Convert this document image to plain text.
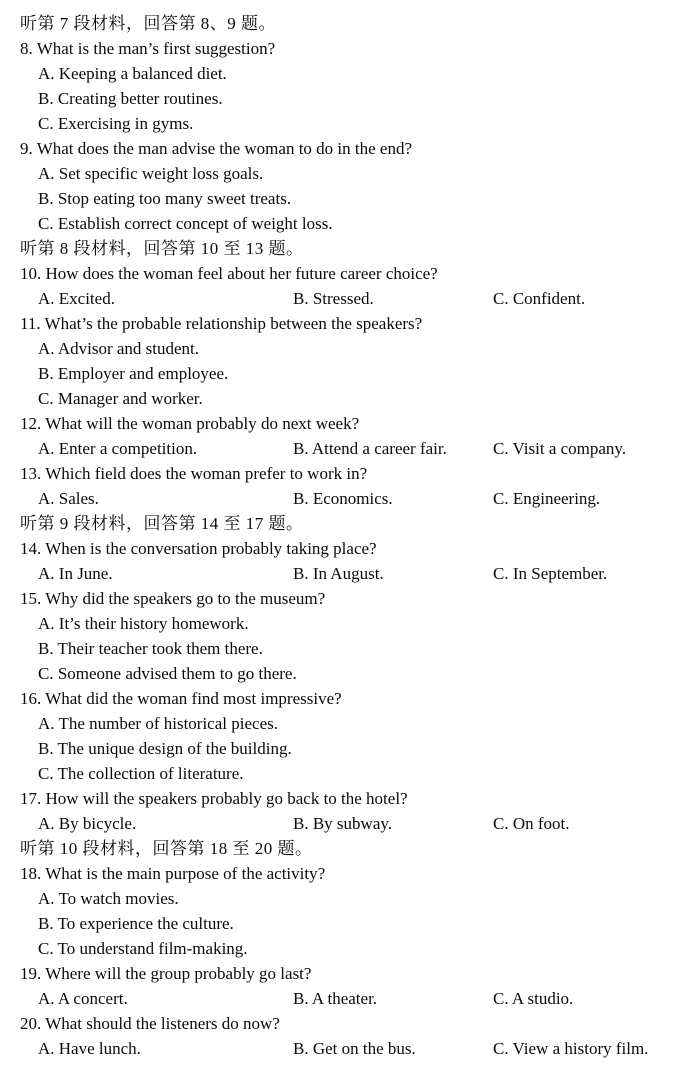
听第 7 段材料，回答第 8、9 题。
8. What is the man’s first suggestion?
A. Keeping a balanced diet.
B. Creating better routines.
C. Exercising in gyms.
9. What does the man advise the woman to do in the end?
A. Set specific weight loss goals.
B. Stop eating too many sweet treats.
C. Establish correct concept of weight loss.
听第 8 段材料，回答第 10 至 13 题。
10. How does the woman feel about her future career choice?
A. Excited.	B. Stressed.	C. Confident.
11. What’s the probable relationship between the speakers?
A. Advisor and student.
B. Employer and employee.
C. Manager and worker.
12. What will the woman probably do next week?
A. Enter a competition.	B. Attend a career fair.	C. Visit a company.
13. Which field does the woman prefer to work in?
A. Sales.	B. Economics.	C. Engineering.
听第 9 段材料，回答第 14 至 17 题。
14. When is the conversation probably taking place?
A. In June.	B. In August.	C. In September.
15. Why did the speakers go to the museum?
A. It’s their history homework.
B. Their teacher took them there.
C. Someone advised them to go there.
16. What did the woman find most impressive?
A. The number of historical pieces.
B. The unique design of the building.
C. The collection of literature.
17. How will the speakers probably go back to the hotel?
A. By bicycle.	B. By subway.	C. On foot.
听第 10 段材料，回答第 18 至 20 题。
18. What is the main purpose of the activity?
A. To watch movies.
B. To experience the culture.
C. To understand film-making.
19. Where will the group probably go last?
A. A concert.	B. A theater.	C. A studio.
20. What should the listeners do now?
A. Have lunch.	B. Get on the bus.	C. View a history film.
